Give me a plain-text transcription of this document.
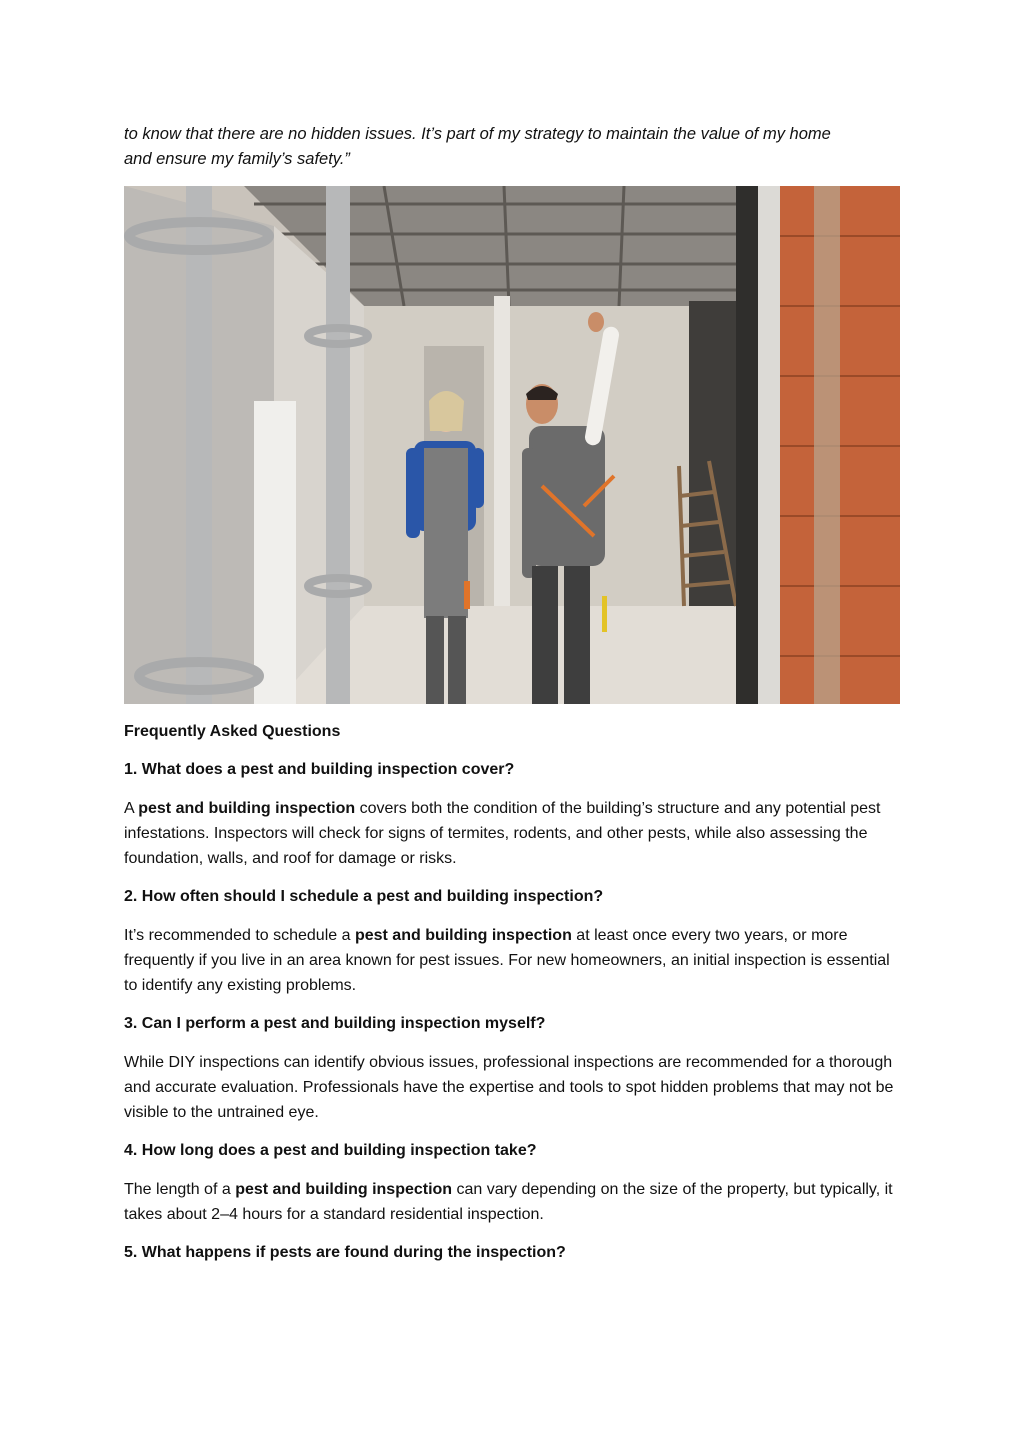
to know that there are no hidden issues. It’s part of my strategy to maintain the value of my home
and ensure my family’s safety.”

Frequently Asked Questions

1. What does a pest and building inspection cover?

A pest and building inspection covers both the condition of the building’s structure and any potential pest infestations. Inspectors will check for signs of termites, rodents, and other pests, while also assessing the foundation, walls, and roof for damage or risks.

2. How often should I schedule a pest and building inspection?

It’s recommended to schedule a pest and building inspection at least once every two years, or more frequently if you live in an area known for pest issues. For new homeowners, an initial inspection is essential to identify any existing problems.

3. Can I perform a pest and building inspection myself?

While DIY inspections can identify obvious issues, professional inspections are recommended for a thorough and accurate evaluation. Professionals have the expertise and tools to spot hidden problems that may not be visible to the untrained eye.

4. How long does a pest and building inspection take?

The length of a pest and building inspection can vary depending on the size of the property, but typically, it takes about 2–4 hours for a standard residential inspection.

5. What happens if pests are found during the inspection?
